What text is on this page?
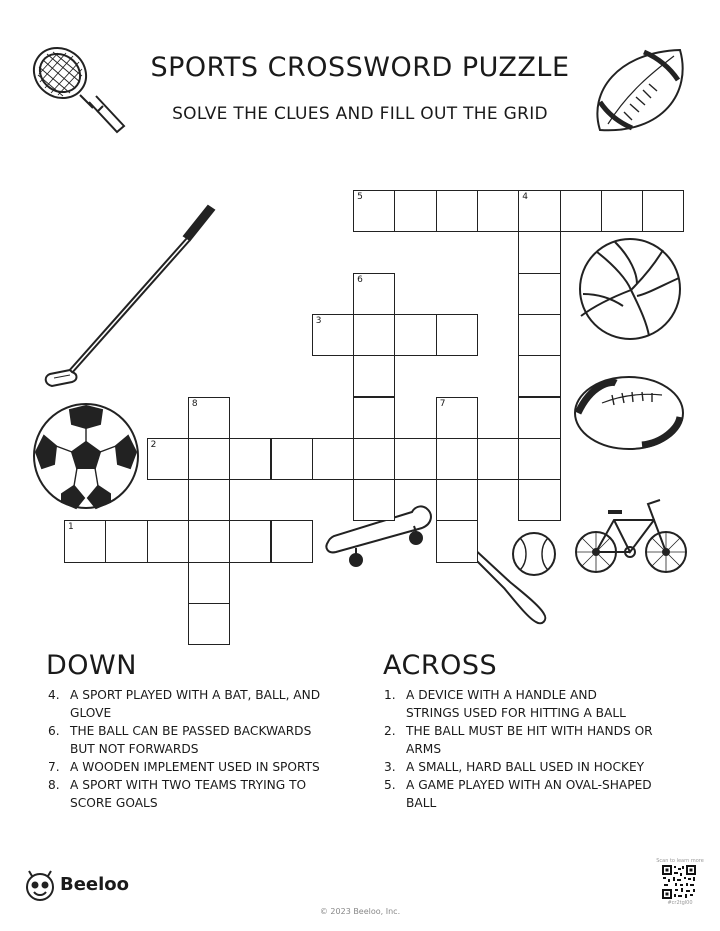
SPORTS CROSSWORD PUZZLE
SOLVE THE CLUES AND FILL OUT THE GRID
5	4
6
3
7
8
2
1
DOWN
4. A SPORT PLAYED WITH A BAT, BALL, AND GLOVE
6. THE BALL CAN BE PASSED BACKWARDS BUT NOT FORWARDS
7. A WOODEN IMPLEMENT USED IN SPORTS
8. A SPORT WITH TWO TEAMS TRYING TO SCORE GOALS
ACROSS
1. A DEVICE WITH A HANDLE AND STRINGS USED FOR HITTING A BALL
2. THE BALL MUST BE HIT WITH HANDS OR ARMS
3. A SMALL, HARD BALL USED IN HOCKEY
5. A GAME PLAYED WITH AN OVAL-SHAPED BALL
Beeloo
© 2023 Beeloo, Inc.
Scan to learn more
#cr2tgl00
